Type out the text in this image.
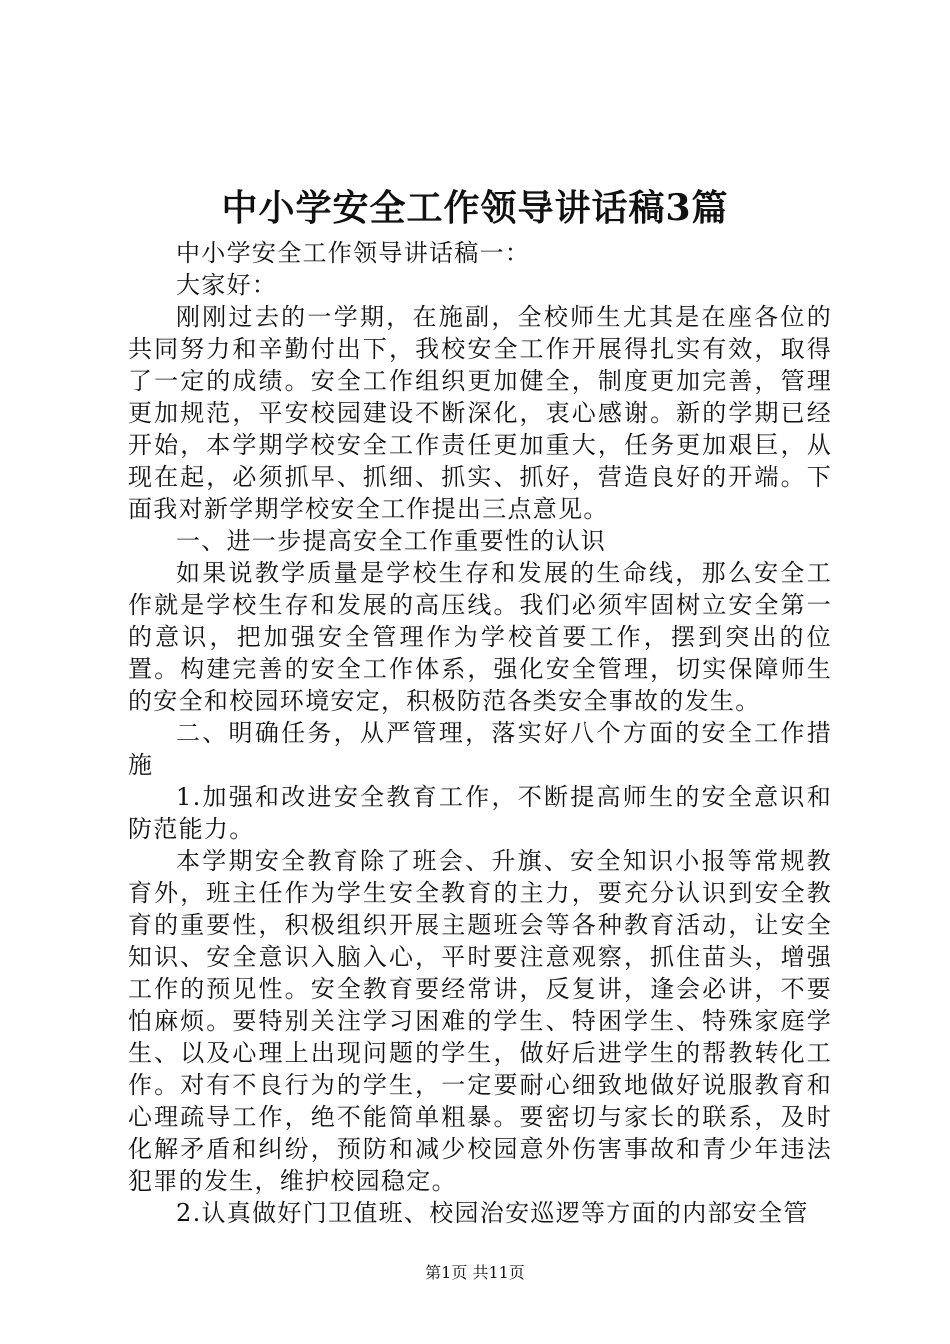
中小学安全工作领导讲话稿3篇

中小学安全工作领导讲话稿一：

大家好：

刚刚过去的一学期，在施副，全校师生尤其是在座各位的共同努力和辛勤付出下，我校安全工作开展得扎实有效，取得了一定的成绩。安全工作组织更加健全，制度更加完善，管理更加规范，平安校园建设不断深化，衷心感谢。新的学期已经开始，本学期学校安全工作责任更加重大，任务更加艰巨，从现在起，必须抓早、抓细、抓实、抓好，营造良好的开端。下面我对新学期学校安全工作提出三点意见。

一、进一步提高安全工作重要性的认识

如果说教学质量是学校生存和发展的生命线，那么安全工作就是学校生存和发展的高压线。我们必须牢固树立安全第一的意识，把加强安全管理作为学校首要工作，摆到突出的位置。构建完善的安全工作体系，强化安全管理，切实保障师生的安全和校园环境安定，积极防范各类安全事故的发生。

二、明确任务，从严管理，落实好八个方面的安全工作措施

1.加强和改进安全教育工作，不断提高师生的安全意识和防范能力。

本学期安全教育除了班会、升旗、安全知识小报等常规教育外，班主任作为学生安全教育的主力，要充分认识到安全教育的重要性，积极组织开展主题班会等各种教育活动，让安全知识、安全意识入脑入心，平时要注意观察，抓住苗头，增强工作的预见性。安全教育要经常讲，反复讲，逢会必讲，不要怕麻烦。要特别关注学习困难的学生、特困学生、特殊家庭学生、以及心理上出现问题的学生，做好后进学生的帮教转化工作。对有不良行为的学生，一定要耐心细致地做好说服教育和心理疏导工作，绝不能简单粗暴。要密切与家长的联系，及时化解矛盾和纠纷，预防和减少校园意外伤害事故和青少年违法犯罪的发生，维护校园稳定。

2.认真做好门卫值班、校园治安巡逻等方面的内部安全管

第1页 共11页
